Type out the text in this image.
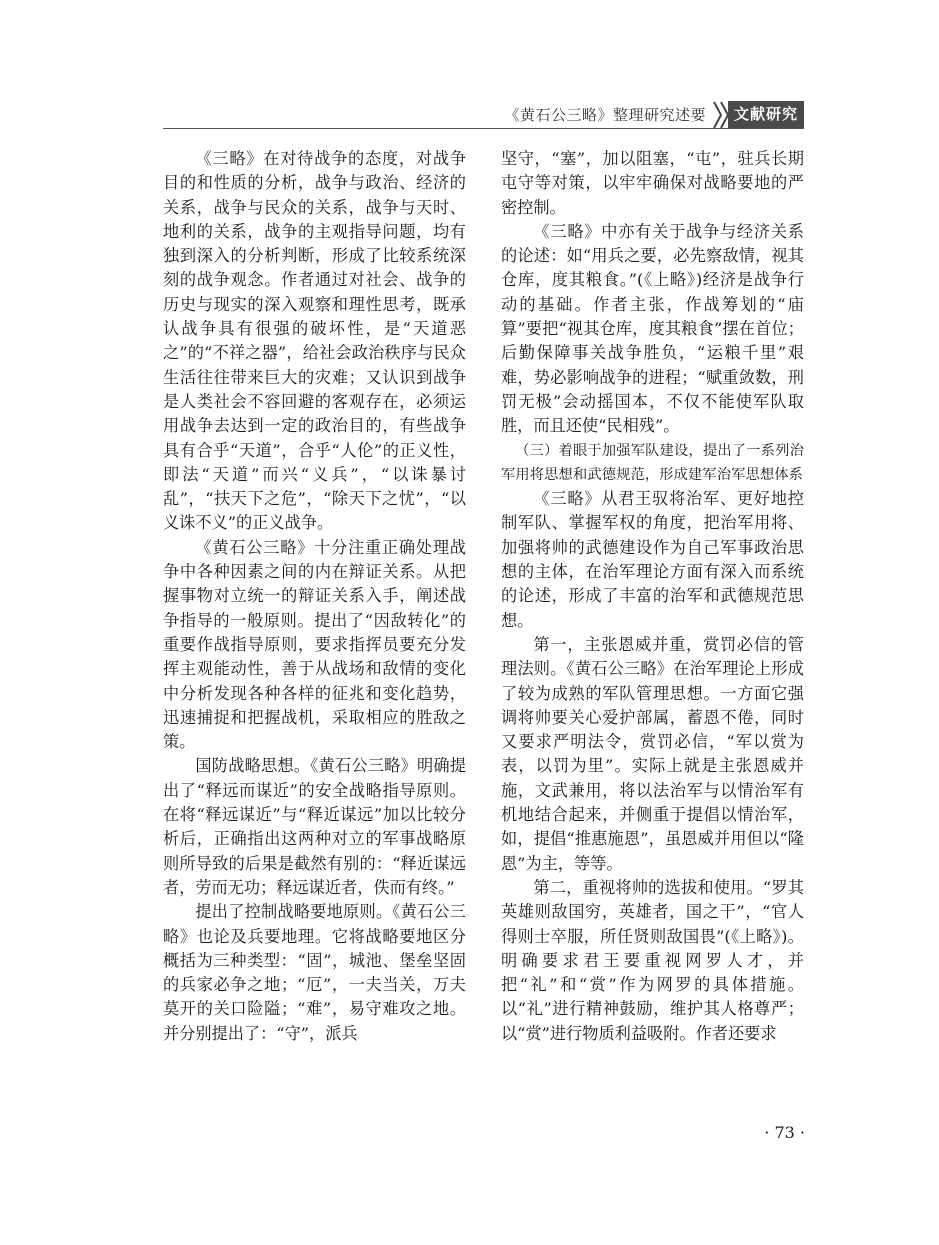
《黄石公三略》整理研究述要	文献研究

《三略》在对待战争的态度，对战争目的和性质的分析，战争与政治、经济的关系，战争与民众的关系，战争与天时、地利的关系，战争的主观指导问题，均有独到深入的分析判断，形成了比较系统深刻的战争观念。作者通过对社会、战争的历史与现实的深入观察和理性思考，既承认战争具有很强的破坏性，是“天道恶之”的“不祥之器”，给社会政治秩序与民众生活往往带来巨大的灾难；又认识到战争是人类社会不容回避的客观存在，必须运用战争去达到一定的政治目的，有些战争具有合乎“天道”，合乎“人伦”的正义性，即法“天道”而兴“义兵”，“以诛暴讨乱”，“扶天下之危”，“除天下之忧”，“以义诛不义”的正义战争。

《黄石公三略》十分注重正确处理战争中各种因素之间的内在辩证关系。从把握事物对立统一的辩证关系入手，阐述战争指导的一般原则。提出了“因敌转化”的重要作战指导原则，要求指挥员要充分发挥主观能动性，善于从战场和敌情的变化中分析发现各种各样的征兆和变化趋势，迅速捕捉和把握战机，采取相应的胜敌之策。

国防战略思想。《黄石公三略》明确提出了“释远而谋近”的安全战略指导原则。在将“释远谋近”与“释近谋远”加以比较分析后，正确指出这两种对立的军事战略原则所导致的后果是截然有别的：“释近谋远者，劳而无功；释远谋近者，佚而有终。”

提出了控制战略要地原则。《黄石公三略》也论及兵要地理。它将战略要地区分概括为三种类型：“固”，城池、堡垒坚固的兵家必争之地；“厄”，一夫当关，万夫莫开的关口险隘；“难”，易守难攻之地。并分别提出了：“守”，派兵

坚守，“塞”，加以阻塞，“屯”，驻兵长期屯守等对策，以牢牢确保对战略要地的严密控制。

《三略》中亦有关于战争与经济关系的论述：如“用兵之要，必先察敌情，视其仓库，度其粮食。”(《上略》)经济是战争行动的基础。作者主张，作战筹划的“庙算”要把“视其仓库，度其粮食”摆在首位；后勤保障事关战争胜负，“运粮千里”艰难，势必影响战争的进程；“赋重敛数，刑罚无极”会动摇国本，不仅不能使军队取胜，而且还使“民相残”。

（三）着眼于加强军队建设，提出了一系列治军用将思想和武德规范，形成建军治军思想体系

《三略》从君王驭将治军、更好地控制军队、掌握军权的角度，把治军用将、加强将帅的武德建设作为自己军事政治思想的主体，在治军理论方面有深入而系统的论述，形成了丰富的治军和武德规范思想。

第一，主张恩威并重，赏罚必信的管理法则。《黄石公三略》在治军理论上形成了较为成熟的军队管理思想。一方面它强调将帅要关心爱护部属，蓄恩不倦，同时又要求严明法令，赏罚必信，“军以赏为表，以罚为里”。实际上就是主张恩威并施，文武兼用，将以法治军与以情治军有机地结合起来，并侧重于提倡以情治军，如，提倡“推惠施恩”，虽恩威并用但以“隆恩”为主，等等。

第二，重视将帅的选拔和使用。“罗其英雄则敌国穷，英雄者，国之干”，“官人得则士卒服，所任贤则敌国畏”(《上略》)。明确要求君王要重视网罗人才，并把“礼”和“赏”作为网罗的具体措施。以“礼”进行精神鼓励，维护其人格尊严；以“赏”进行物质利益吸附。作者还要求

· 73 ·
